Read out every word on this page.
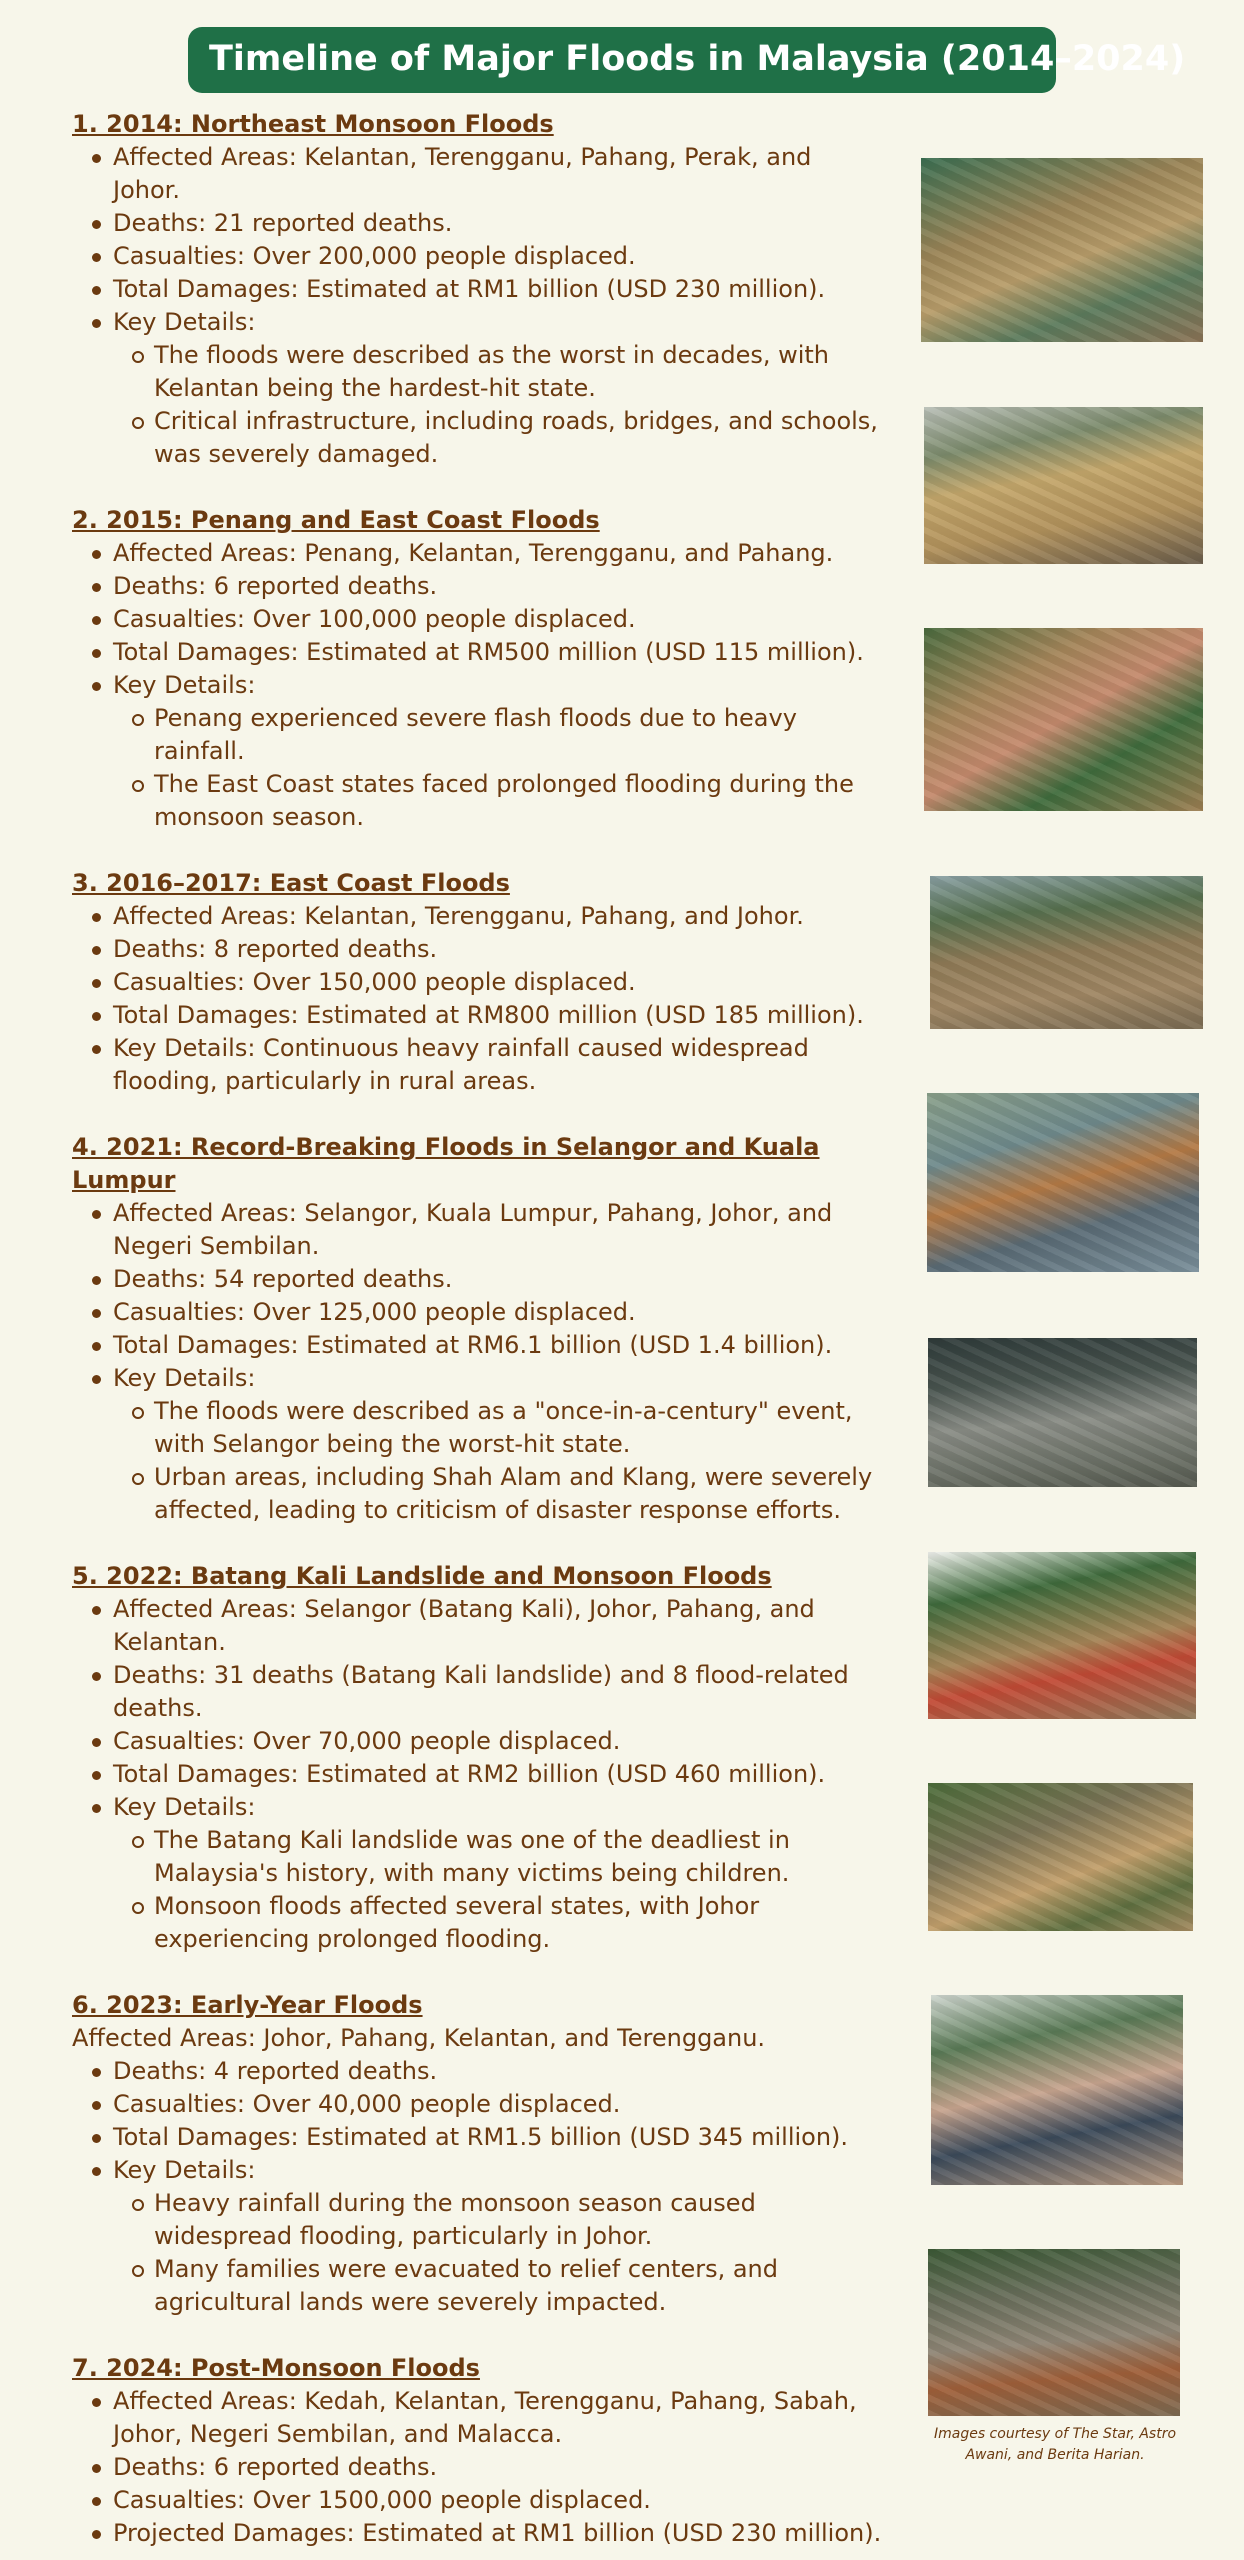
Timeline of Major Floods in Malaysia (2014–2024)
1. 2014: Northeast Monsoon Floods
Affected Areas: Kelantan, Terengganu, Pahang, Perak, and Johor.
Deaths: 21 reported deaths.
Casualties: Over 200,000 people displaced.
Total Damages: Estimated at RM1 billion (USD 230 million).
Key Details:
The floods were described as the worst in decades, with Kelantan being the hardest-hit state.
Critical infrastructure, including roads, bridges, and schools, was severely damaged.
2. 2015: Penang and East Coast Floods
Affected Areas: Penang, Kelantan, Terengganu, and Pahang.
Deaths: 6 reported deaths.
Casualties: Over 100,000 people displaced.
Total Damages: Estimated at RM500 million (USD 115 million).
Key Details:
Penang experienced severe flash floods due to heavy rainfall.
The East Coast states faced prolonged flooding during the monsoon season.
3. 2016–2017: East Coast Floods
Affected Areas: Kelantan, Terengganu, Pahang, and Johor.
Deaths: 8 reported deaths.
Casualties: Over 150,000 people displaced.
Total Damages: Estimated at RM800 million (USD 185 million).
Key Details: Continuous heavy rainfall caused widespread flooding, particularly in rural areas.
4. 2021: Record-Breaking Floods in Selangor and Kuala Lumpur
Affected Areas: Selangor, Kuala Lumpur, Pahang, Johor, and Negeri Sembilan.
Deaths: 54 reported deaths.
Casualties: Over 125,000 people displaced.
Total Damages: Estimated at RM6.1 billion (USD 1.4 billion).
Key Details:
The floods were described as a "once-in-a-century" event, with Selangor being the worst-hit state.
Urban areas, including Shah Alam and Klang, were severely affected, leading to criticism of disaster response efforts.
5. 2022: Batang Kali Landslide and Monsoon Floods
Affected Areas: Selangor (Batang Kali), Johor, Pahang, and Kelantan.
Deaths: 31 deaths (Batang Kali landslide) and 8 flood-related deaths.
Casualties: Over 70,000 people displaced.
Total Damages: Estimated at RM2 billion (USD 460 million).
Key Details:
The Batang Kali landslide was one of the deadliest in Malaysia's history, with many victims being children.
Monsoon floods affected several states, with Johor experiencing prolonged flooding.
6. 2023: Early-Year Floods
Affected Areas: Johor, Pahang, Kelantan, and Terengganu.
Deaths: 4 reported deaths.
Casualties: Over 40,000 people displaced.
Total Damages: Estimated at RM1.5 billion (USD 345 million).
Key Details:
Heavy rainfall during the monsoon season caused widespread flooding, particularly in Johor.
Many families were evacuated to relief centers, and agricultural lands were severely impacted.
7. 2024: Post-Monsoon Floods
Affected Areas: Kedah, Kelantan, Terengganu, Pahang, Sabah, Johor, Negeri Sembilan, and Malacca.
Deaths: 6 reported deaths.
Casualties: Over 1500,000 people displaced.
Projected Damages: Estimated at RM1 billion (USD 230 million).
Images courtesy of The Star, Astro Awani, and Berita Harian.
